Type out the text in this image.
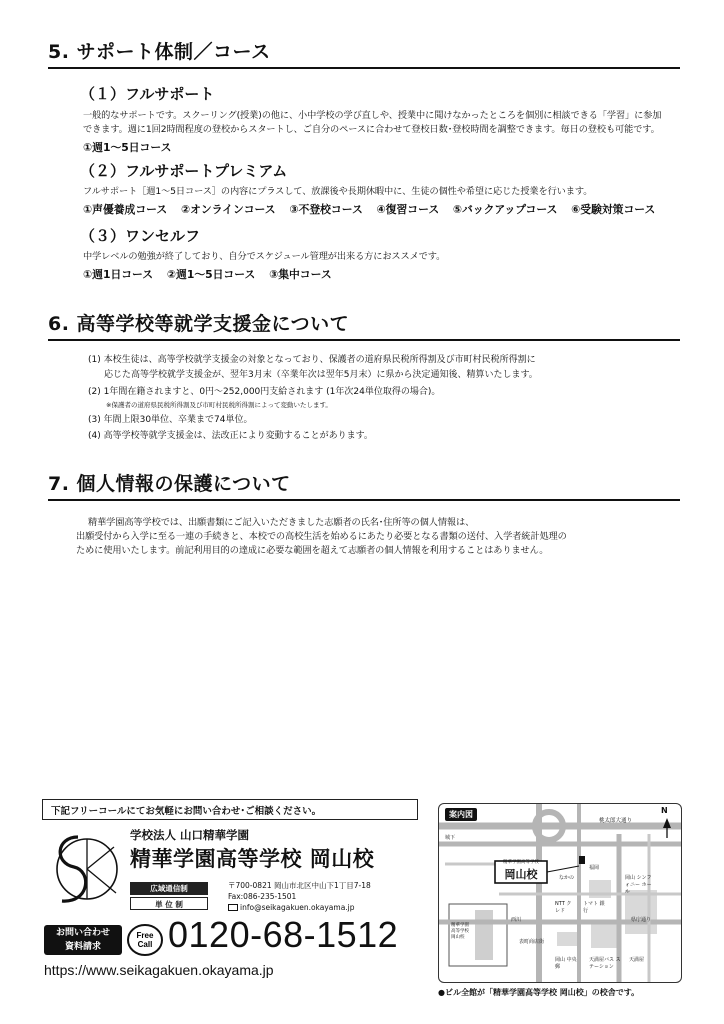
5. サポート体制／コース
（１）フルサポート
一般的なサポートです。スクーリング(授業)の他に、小中学校の学び直しや、授業中に聞けなかったところを個別に相談できる「学習」に参加
できます。週に1回2時間程度の登校からスタートし、ご自分のペースに合わせて登校日数･登校時間を調整できます。毎日の登校も可能です。
①週1～5日コース
（２）フルサポートプレミアム
フルサポート［週1～5日コース］の内容にプラスして、放課後や長期休暇中に、生徒の個性や希望に応じた授業を行います。
①声優養成コース ②オンラインコース ③不登校コース ④復習コース ⑤バックアップコース ⑥受験対策コース
（３）ワンセルフ
中学レベルの勉強が終了しており、自分でスケジュール管理が出来る方におススメです。
①週1日コース ②週1～5日コース ③集中コース
6. 高等学校等就学支援金について
(1) 本校生徒は、高等学校就学支援金の対象となっており、保護者の道府県民税所得割及び市町村民税所得割に
応じた高等学校就学支援金が、翌年3月末（卒業年次は翌年5月末）に県から決定通知後、精算いたします。
(2) 1年間在籍されますと、0円～252,000円支給されます (1年次24単位取得の場合)。
※保護者の道府県民税所得割及び市町村民税所得割によって変動いたします。
(3) 年間上限30単位、卒業まで74単位。
(4) 高等学校等就学支援金は、法改正により変動することがあります。
7. 個人情報の保護について
精華学園高等学校では、出願書類にご記入いただきました志願者の氏名･住所等の個人情報は、
出願受付から入学に至る一連の手続きと、本校での高校生活を始めるにあたり必要となる書類の送付、入学者統計処理の
ために使用いたします。前記利用目的の達成に必要な範囲を超えて志願者の個人情報を利用することはありません。
下記フリーコールにてお気軽にお問い合わせ･ご相談ください。
学校法人 山口精華学園
精華学園高等学校 岡山校
広域通信制
単 位 制
〒700-0821 岡山市北区中山下1丁目7-18
Fax:086-235-1501
info@seikagakuen.okayama.jp
お問い合わせ
資料請求
Free
Call 0120-68-1512
https://www.seikagakuen.okayama.jp
案内図	N
桃太郎大通り
精華学園高等学校
岡山校	なかの
NTT クレド
トマト 銀行
福岡
岡山 シンフォニー ホール
県庁通り
天満屋バス ステーション
天満屋
岡山 中央郵
精華学園 高等学校 岡山校
西川
表町商店街
城下
●ビル全館が「精華学園高等学校 岡山校」の校舎です。
